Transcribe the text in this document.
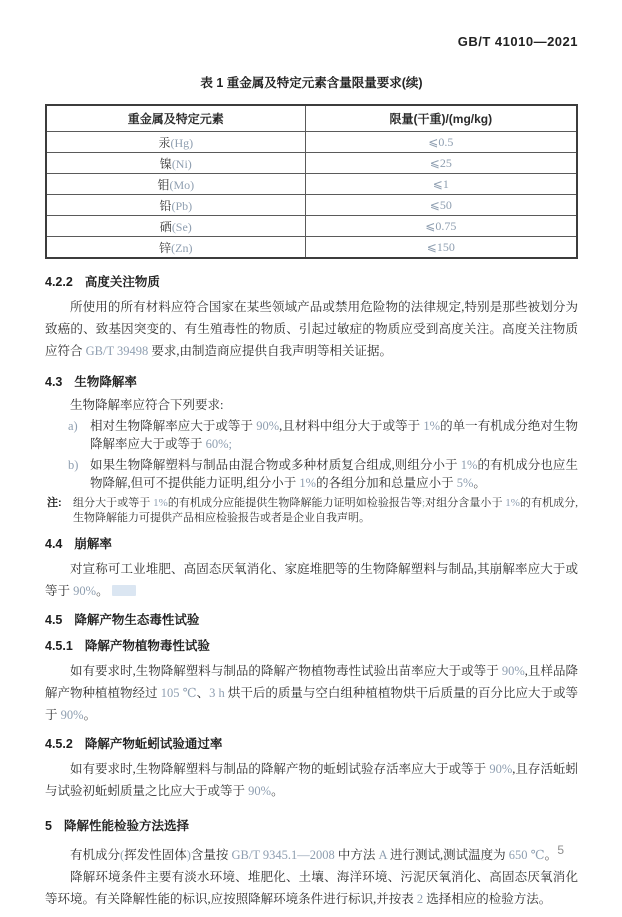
GB/T 41010—2021
表 1 重金属及特定元素含量限量要求(续)
重金属及特定元素	限量(干重)/(mg/kg)
汞(Hg)	⩽0.5
镍(Ni)	⩽25
钼(Mo)	⩽1
铅(Pb)	⩽50
硒(Se)	⩽0.75
锌(Zn)	⩽150
4.2.2 高度关注物质

所使用的所有材料应符合国家在某些领域产品或禁用危险物的法律规定,特别是那些被划分为致癌的、致基因突变的、有生殖毒性的物质、引起过敏症的物质应受到高度关注。高度关注物质应符合 GB/T 39498 要求,由制造商应提供自我声明等相关证据。

4.3 生物降解率

生物降解率应符合下列要求:

a) 相对生物降解率应大于或等于 90%,且材料中组分大于或等于 1%的单一有机成分绝对生物降解率应大于或等于 60%;
b) 如果生物降解塑料与制品由混合物或多种材质复合组成,则组分小于 1%的有机成分也应生物降解,但可不提供能力证明,组分小于 1%的各组分加和总量应小于 5%。
注:	组分大于或等于 1%的有机成分应能提供生物降解能力证明如检验报告等;对组分含量小于 1%的有机成分,生物降解能力可提供产品相应检验报告或者是企业自我声明。
4.4 崩解率

对宣称可工业堆肥、高固态厌氧消化、家庭堆肥等的生物降解塑料与制品,其崩解率应大于或等于 90%。

4.5 降解产物生态毒性试验
4.5.1 降解产物植物毒性试验

如有要求时,生物降解塑料与制品的降解产物植物毒性试验出苗率应大于或等于 90%,且样品降解产物种植植物经过 105 ℃、3 h 烘干后的质量与空白组种植植物烘干后质量的百分比应大于或等于 90%。

4.5.2 降解产物蚯蚓试验通过率

如有要求时,生物降解塑料与制品的降解产物的蚯蚓试验存活率应大于或等于 90%,且存活蚯蚓与试验初蚯蚓质量之比应大于或等于 90%。

5 降解性能检验方法选择

有机成分(挥发性固体)含量按 GB/T 9345.1—2008 中方法 A 进行测试,测试温度为 650 ℃。

降解环境条件主要有淡水环境、堆肥化、土壤、海洋环境、污泥厌氧消化、高固态厌氧消化等环境。有关降解性能的标识,应按照降解环境条件进行标识,并按表 2 选择相应的检验方法。

5
